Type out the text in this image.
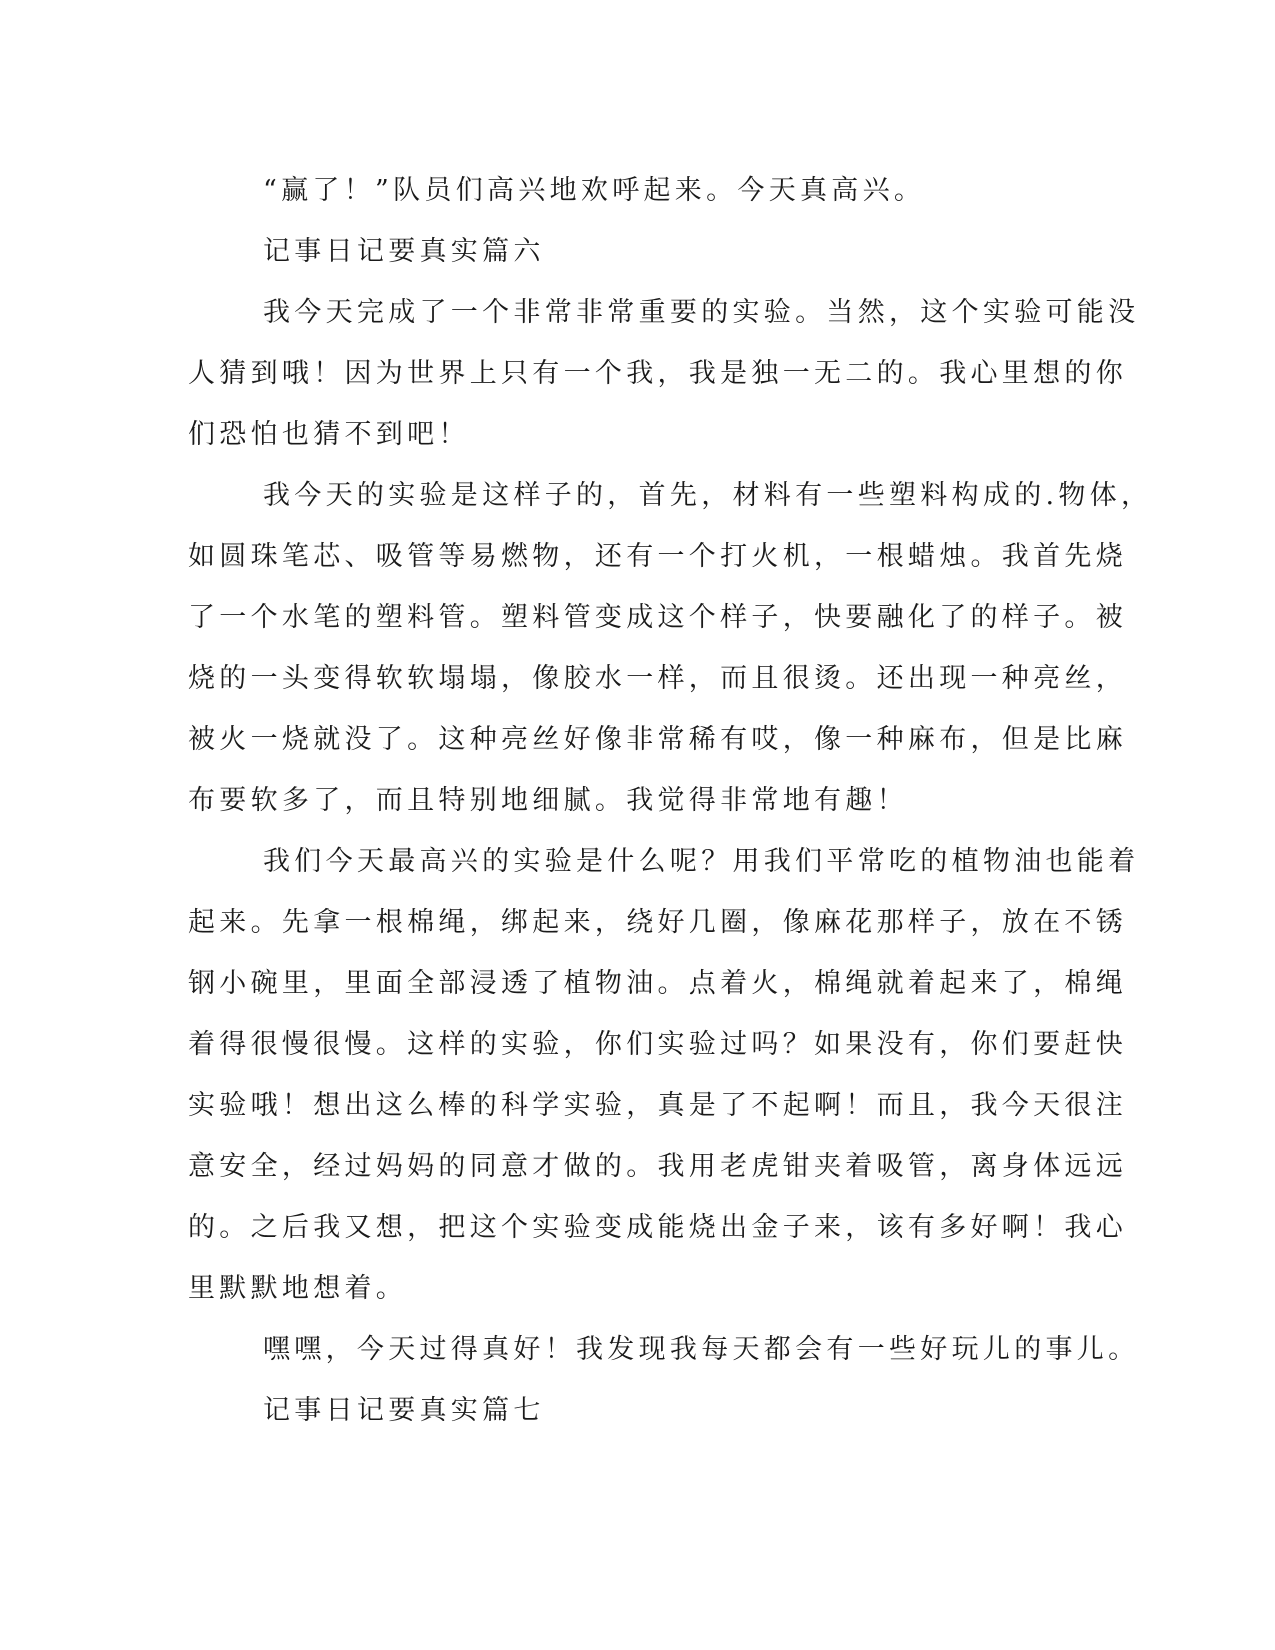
“赢了！”队员们高兴地欢呼起来。今天真高兴。
记事日记要真实篇六
我今天完成了一个非常非常重要的实验。当然，这个实验可能没
人猜到哦！因为世界上只有一个我，我是独一无二的。我心里想的你
们恐怕也猜不到吧！
我今天的实验是这样子的，首先，材料有一些塑料构成的.物体，
如圆珠笔芯、吸管等易燃物，还有一个打火机，一根蜡烛。我首先烧
了一个水笔的塑料管。塑料管变成这个样子，快要融化了的样子。被
烧的一头变得软软塌塌，像胶水一样，而且很烫。还出现一种亮丝，
被火一烧就没了。这种亮丝好像非常稀有哎，像一种麻布，但是比麻
布要软多了，而且特别地细腻。我觉得非常地有趣！
我们今天最高兴的实验是什么呢？用我们平常吃的植物油也能着
起来。先拿一根棉绳，绑起来，绕好几圈，像麻花那样子，放在不锈
钢小碗里，里面全部浸透了植物油。点着火，棉绳就着起来了，棉绳
着得很慢很慢。这样的实验，你们实验过吗？如果没有，你们要赶快
实验哦！想出这么棒的科学实验，真是了不起啊！而且，我今天很注
意安全，经过妈妈的同意才做的。我用老虎钳夹着吸管，离身体远远
的。之后我又想，把这个实验变成能烧出金子来，该有多好啊！我心
里默默地想着。
嘿嘿，今天过得真好！我发现我每天都会有一些好玩儿的事儿。
记事日记要真实篇七
